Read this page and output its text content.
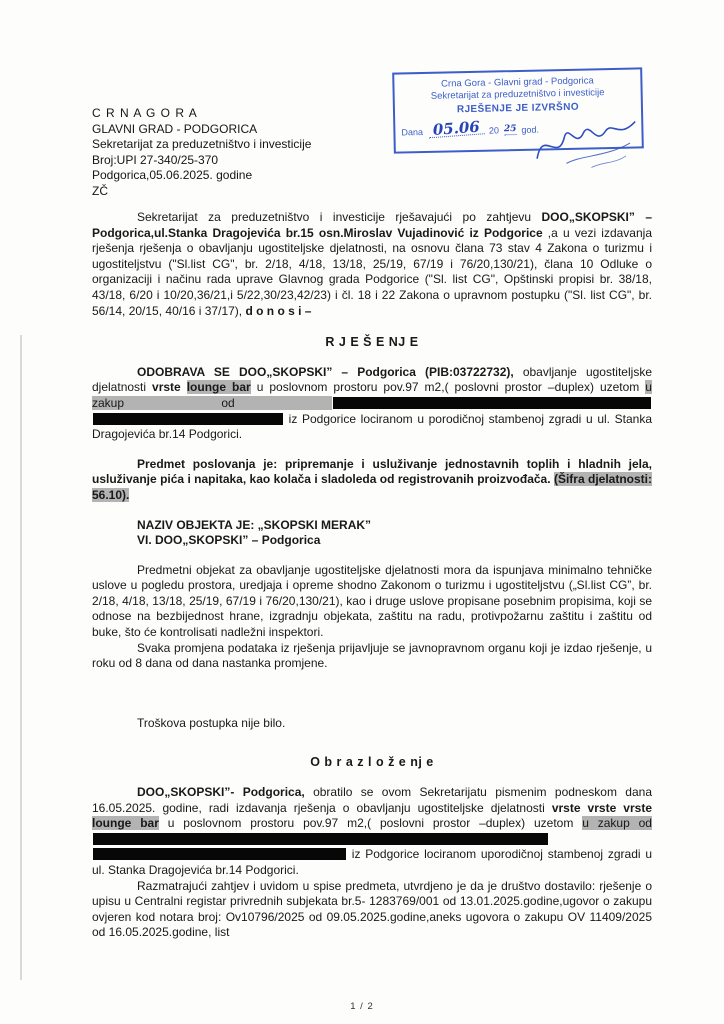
Crna Gora - Glavni grad - Podgorica
Sekretarijat za preduzetništvo i investicije
RJEŠENJE JE IZVRŠNO
Dana 05.06 20 25 god.
C R N A G O R A
GLAVNI GRAD - PODGORICA
Sekretarijat za preduzetništvo i investicije
Broj:UPI 27-340/25-370
Podgorica,05.06.2025. godine
ZČ

Sekretarijat za preduzetništvo i investicije rješavajući po zahtjevu DOO„SKOPSKI” – Podgorica,ul.Stanka Dragojevića br.15 osn.Miroslav Vujadinović iz Podgorice ,a u vezi izdavanja rješenja rješenja o obavljanju ugostiteljske djelatnosti, na osnovu člana 73 stav 4 Zakona o turizmu i ugostiteljstvu ("Sl.list CG", br. 2/18, 4/18, 13/18, 25/19, 67/19 i 76/20,130/21), člana 10 Odluke o organizaciji i načinu rada uprave Glavnog grada Podgorice ("Sl. list CG", Opštinski propisi br. 38/18, 43/18, 6/20 i 10/20,36/21,i 5/22,30/23,42/23) i čl. 18 i 22 Zakona o upravnom postupku ("Sl. list CG", br. 56/14, 20/15, 40/16 i 37/17), d o n o s i –

R J E Š E NJ E

ODOBRAVA SE DOO„SKOPSKI” – Podgorica (PIB:03722732), obavljanje ugostiteljske djelatnosti vrste lounge bar u poslovnom prostoru pov.97 m2,( poslovni prostor –duplex) uzetom u zakup od   iz Podgorice lociranom u porodičnoj stambenoj zgradi u ul. Stanka Dragojevića br.14 Podgorici.

Predmet poslovanja je: pripremanje i usluživanje jednostavnih toplih i hladnih jela, usluživanje pića i napitaka, kao kolača i sladoleda od registrovanih proizvođača. (Šifra djelatnosti: 56.10).

NAZIV OBJEKTA JE: „SKOPSKI MERAK”

VI. DOO„SKOPSKI” – Podgorica

Predmetni objekat za obavljanje ugostiteljske djelatnosti mora da ispunjava minimalno tehničke uslove u pogledu prostora, uredjaja i opreme shodno Zakonom o turizmu i ugostiteljstvu („Sl.list CG”, br. 2/18, 4/18, 13/18, 25/19, 67/19 i 76/20,130/21), kao i druge uslove propisane posebnim propisima, koji se odnose na bezbijednost hrane, izgradnju objekata, zaštitu na radu, protivpožarnu zaštitu i zaštitu od buke, što će kontrolisati nadležni inspektori.

Svaka promjena podataka iz rješenja prijavljuje se javnopravnom organu koji je izdao rješenje, u roku od 8 dana od dana nastanka promjene.

Troškova postupka nije bilo.

O b r a z l o ž e nj e

DOO„SKOPSKI”- Podgorica, obratilo se ovom Sekretarijatu pismenim podneskom dana 16.05.2025. godine, radi izdavanja rješenja o obavljanju ugostiteljske djelatnosti vrste vrste vrste lounge bar u poslovnom prostoru pov.97 m2,( poslovni prostor –duplex) uzetom u zakup od   iz Podgorice lociranom uporodičnoj stambenoj zgradi u ul. Stanka Dragojevića br.14 Podgorici.

Razmatrajući zahtjev i uvidom u spise predmeta, utvrdjeno je da je društvo dostavilo: rješenje o upisu u Centralni registar privrednih subjekata br.5- 1283769/001 od 13.01.2025.godine,ugovor o zakupu ovjeren kod notara broj: Ov10796/2025 od 09.05.2025.godine,aneks ugovora o zakupu OV 11409/2025 od 16.05.2025.godine, list

1 / 2
